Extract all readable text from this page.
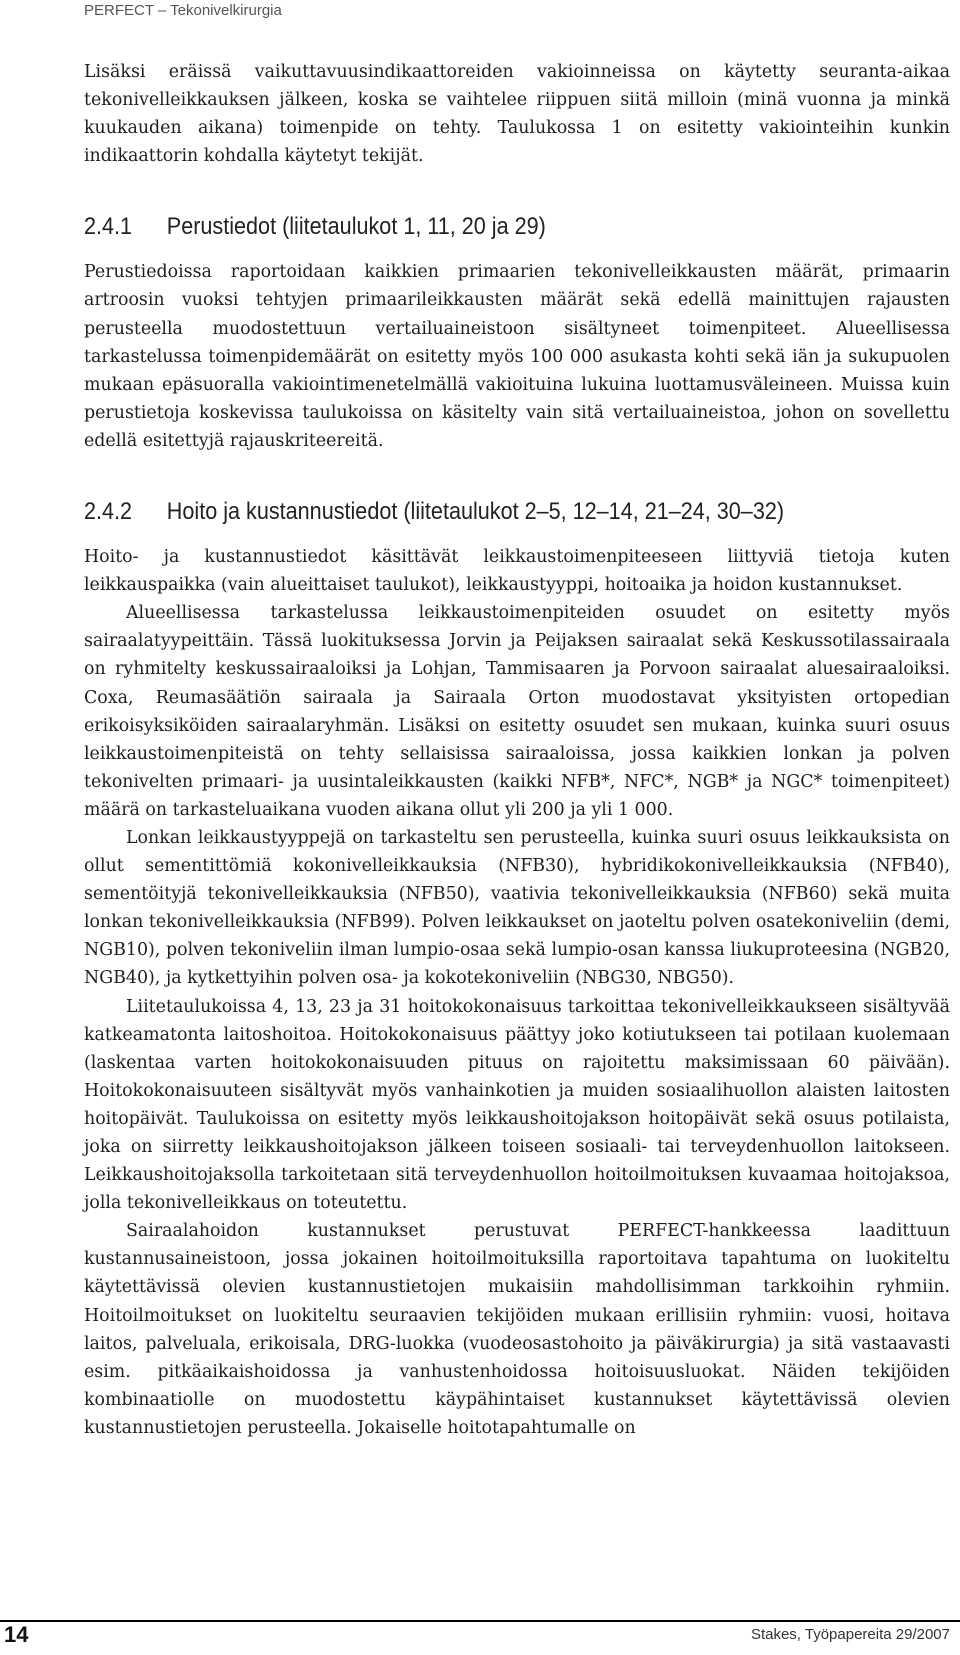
PERFECT – Tekonivelkirurgia

Lisäksi eräissä vaikuttavuusindikaattoreiden vakioinneissa on käytetty seuranta-aikaa tekonivelleikkauksen jälkeen, koska se vaihtelee riippuen siitä milloin (minä vuonna ja minkä kuukauden aikana) toimenpide on tehty. Taulukossa 1 on esitetty vakiointeihin kunkin indikaattorin kohdalla käytetyt tekijät.

2.4.1 Perustiedot (liitetaulukot 1, 11, 20 ja 29)

Perustiedoissa raportoidaan kaikkien primaarien tekonivelleikkausten määrät, primaarin artroosin vuoksi tehtyjen primaarileikkausten määrät sekä edellä mainittujen rajausten perusteella muodostettuun vertailuaineistoon sisältyneet toimenpiteet. Alueellisessa tarkastelussa toimenpidemäärät on esitetty myös 100 000 asukasta kohti sekä iän ja sukupuolen mukaan epäsuoralla vakiointimenetelmällä vakioituina lukuina luottamusväleineen. Muissa kuin perustietoja koskevissa taulukoissa on käsitelty vain sitä vertailuaineistoa, johon on sovellettu edellä esitettyjä rajauskriteereitä.

2.4.2 Hoito ja kustannustiedot (liitetaulukot 2–5, 12–14, 21–24, 30–32)

Hoito- ja kustannustiedot käsittävät leikkaustoimenpiteeseen liittyviä tietoja kuten leikkauspaikka (vain alueittaiset taulukot), leikkaustyyppi, hoitoaika ja hoidon kustannukset.

Alueellisessa tarkastelussa leikkaustoimenpiteiden osuudet on esitetty myös sairaalatyypeittäin. Tässä luokituksessa Jorvin ja Peijaksen sairaalat sekä Keskussotilassairaala on ryhmitelty keskussairaaloiksi ja Lohjan, Tammisaaren ja Porvoon sairaalat aluesairaaloiksi. Coxa, Reumasäätiön sairaala ja Sairaala Orton muodostavat yksityisten ortopedian erikoisyksiköiden sairaalaryhmän. Lisäksi on esitetty osuudet sen mukaan, kuinka suuri osuus leikkaustoimenpiteistä on tehty sellaisissa sairaaloissa, jossa kaikkien lonkan ja polven tekonivelten primaari- ja uusintaleikkausten (kaikki NFB*, NFC*, NGB* ja NGC* toimenpiteet) määrä on tarkasteluaikana vuoden aikana ollut yli 200 ja yli 1 000.

Lonkan leikkaustyyppejä on tarkasteltu sen perusteella, kuinka suuri osuus leikkauksista on ollut sementittömiä kokonivelleikkauksia (NFB30), hybridikokonivelleikkauksia (NFB40), sementöityjä tekonivelleikkauksia (NFB50), vaativia tekonivelleikkauksia (NFB60) sekä muita lonkan tekonivelleikkauksia (NFB99). Polven leikkaukset on jaoteltu polven osatekoniveliin (demi, NGB10), polven tekoniveliin ilman lumpio-osaa sekä lumpio-osan kanssa liukuproteesina (NGB20, NGB40), ja kytkettyihin polven osa- ja kokotekoniveliin (NBG30, NBG50).

Liitetaulukoissa 4, 13, 23 ja 31 hoitokokonaisuus tarkoittaa tekonivelleikkaukseen sisältyvää katkeamatonta laitoshoitoa. Hoitokokonaisuus päättyy joko kotiutukseen tai potilaan kuolemaan (laskentaa varten hoitokokonaisuuden pituus on rajoitettu maksimissaan 60 päivään). Hoitokokonaisuuteen sisältyvät myös vanhainkotien ja muiden sosiaalihuollon alaisten laitosten hoitopäivät. Taulukoissa on esitetty myös leikkaushoitojakson hoitopäivät sekä osuus potilaista, joka on siirretty leikkaushoitojakson jälkeen toiseen sosiaali- tai terveydenhuollon laitokseen. Leikkaushoitojaksolla tarkoitetaan sitä terveydenhuollon hoitoilmoituksen kuvaamaa hoitojaksoa, jolla tekonivelleikkaus on toteutettu.

Sairaalahoidon kustannukset perustuvat PERFECT-hankkeessa laadittuun kustannusaineistoon, jossa jokainen hoitoilmoituksilla raportoitava tapahtuma on luokiteltu käytettävissä olevien kustannustietojen mukaisiin mahdollisimman tarkkoihin ryhmiin. Hoitoilmoitukset on luokiteltu seuraavien tekijöiden mukaan erillisiin ryhmiin: vuosi, hoitava laitos, palveluala, erikoisala, DRG-luokka (vuodeosastohoito ja päiväkirurgia) ja sitä vastaavasti esim. pitkäaikaishoidossa ja vanhustenhoidossa hoitoisuusluokat. Näiden tekijöiden kombinaatiolle on muodostettu käypähintaiset kustannukset käytettävissä olevien kustannustietojen perusteella. Jokaiselle hoitotapahtumalle on

14	Stakes, Työpapereita 29/2007
